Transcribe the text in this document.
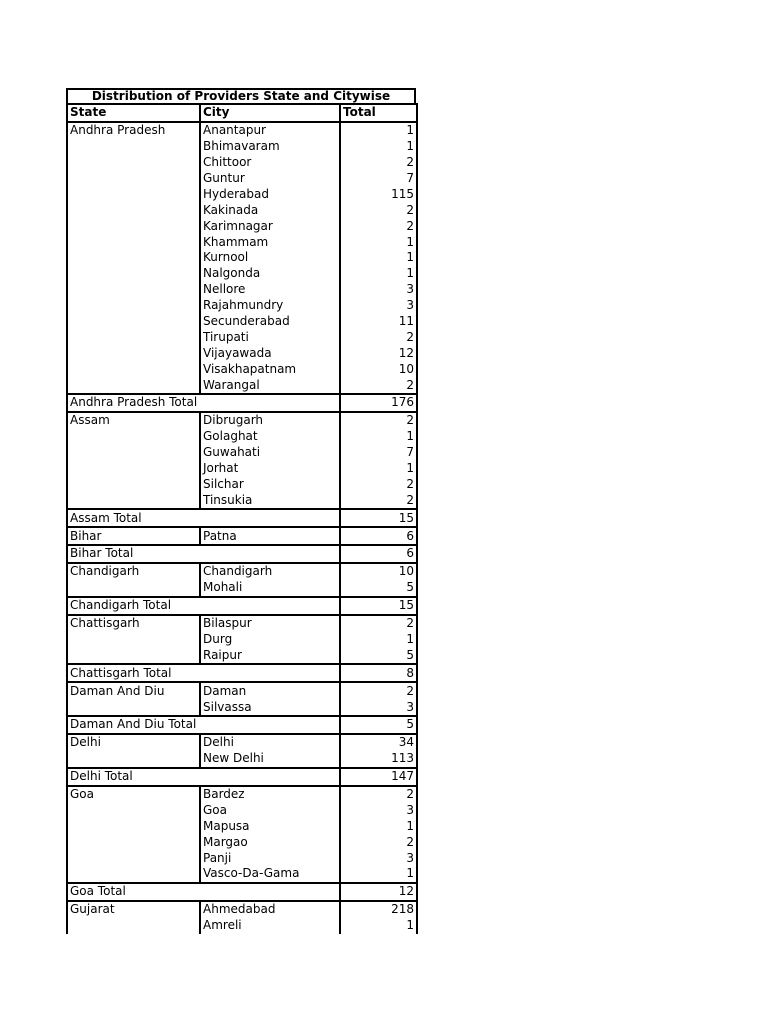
Distribution of Providers State and Citywise
State	City	Total
Andhra Pradesh	Anantapur	1
	Bhimavaram	1
	Chittoor	2
	Guntur	7
	Hyderabad	115
	Kakinada	2
	Karimnagar	2
	Khammam	1
	Kurnool	1
	Nalgonda	1
	Nellore	3
	Rajahmundry	3
	Secunderabad	11
	Tirupati	2
	Vijayawada	12
	Visakhapatnam	10
	Warangal	2
Andhra Pradesh Total		176
Assam	Dibrugarh	2
	Golaghat	1
	Guwahati	7
	Jorhat	1
	Silchar	2
	Tinsukia	2
Assam Total		15
Bihar	Patna	6
Bihar Total		6
Chandigarh	Chandigarh	10
	Mohali	5
Chandigarh Total		15
Chattisgarh	Bilaspur	2
	Durg	1
	Raipur	5
Chattisgarh Total		8
Daman And Diu	Daman	2
	Silvassa	3
Daman And Diu Total		5
Delhi	Delhi	34
	New Delhi	113
Delhi Total		147
Goa	Bardez	2
	Goa	3
	Mapusa	1
	Margao	2
	Panji	3
	Vasco-Da-Gama	1
Goa Total		12
Gujarat	Ahmedabad	218
	Amreli	1
